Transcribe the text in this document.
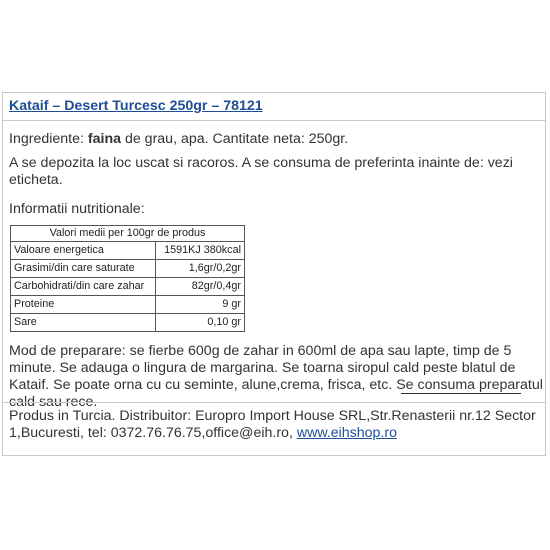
Kataif – Desert Turcesc 250gr – 78121

Ingrediente: faina de grau, apa. Cantitate neta: 250gr.

A se depozita la loc uscat si racoros. A se consuma de preferinta inainte de: vezi eticheta.

Informatii nutritionale:

Valori medii per 100gr de produs	
Valoare energetica	1591KJ 380kcal
Grasimi/din care saturate	1,6gr/0,2gr
Carbohidrati/din care zahar	82gr/0,4gr
Proteine	9 gr
Sare	0,10 gr

Mod de preparare: se fierbe 600g de zahar in 600ml de apa sau lapte, timp de 5 minute. Se adauga o lingura de margarina. Se toarna siropul cald peste blatul de Kataif. Se poate orna cu cu seminte, alune,crema, frisca, etc. Se consuma preparatul cald sau rece.

Produs in Turcia. Distribuitor: Europro Import House SRL,Str.Renasterii nr.12 Sector 1,Bucuresti, tel: 0372.76.76.75,office@eih.ro, www.eihshop.ro
